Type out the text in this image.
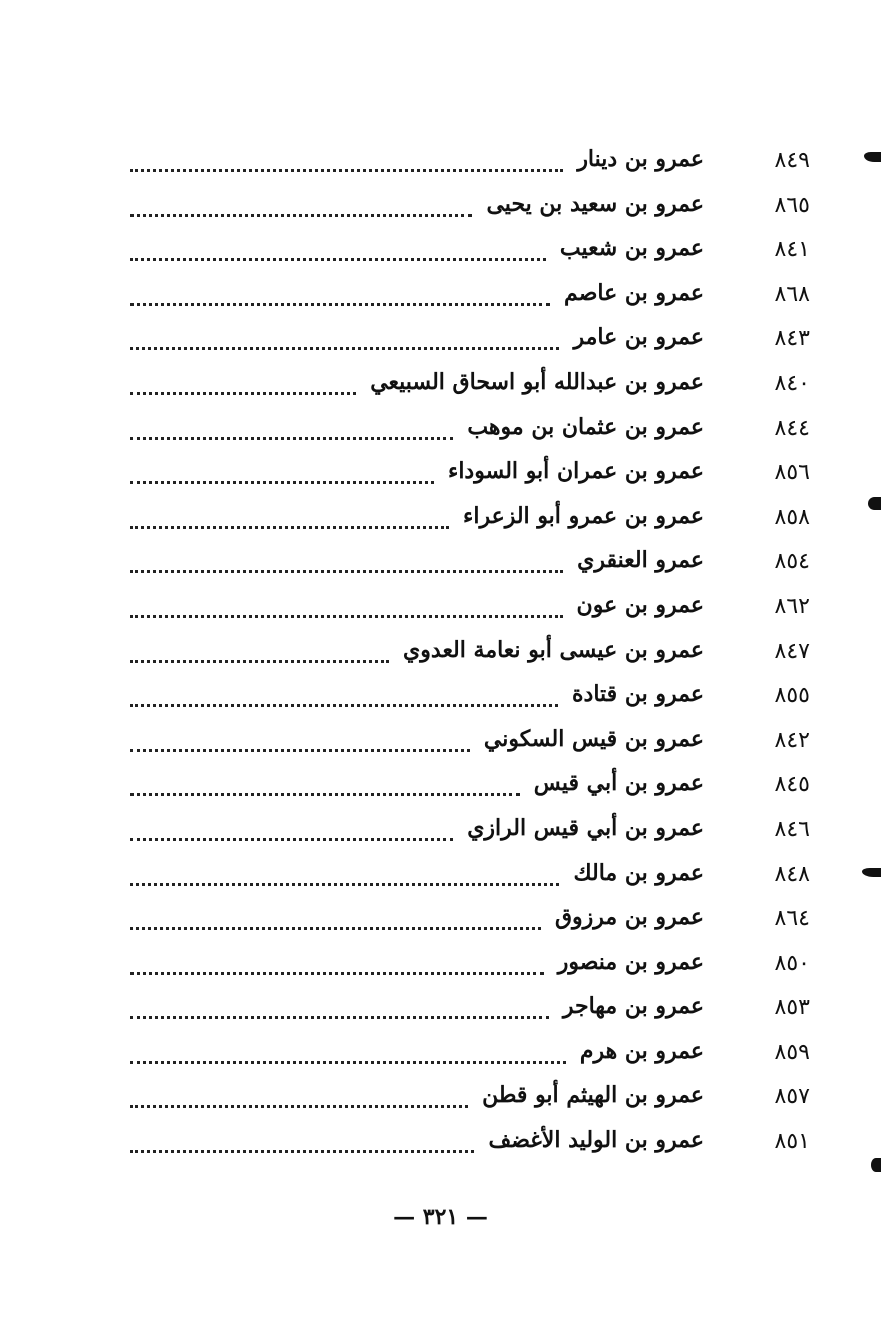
٨٤٩
عمرو بن دينار
٨٦٥
عمرو بن سعيد بن يحيى
٨٤١
عمرو بن شعيب
٨٦٨
عمرو بن عاصم
٨٤٣
عمرو بن عامر
٨٤٠
عمرو بن عبدالله أبو اسحاق السبيعي
٨٤٤
عمرو بن عثمان بن موهب
٨٥٦
عمرو بن عمران أبو السوداء
٨٥٨
عمرو بن عمرو أبو الزعراء
٨٥٤
عمرو العنقري
٨٦٢
عمرو بن عون
٨٤٧
عمرو بن عيسى أبو نعامة العدوي
٨٥٥
عمرو بن قتادة
٨٤٢
عمرو بن قيس السكوني
٨٤٥
عمرو بن أبي قيس
٨٤٦
عمرو بن أبي قيس الرازي
٨٤٨
عمرو بن مالك
٨٦٤
عمرو بن مرزوق
٨٥٠
عمرو بن منصور
٨٥٣
عمرو بن مهاجر
٨٥٩
عمرو بن هرم
٨٥٧
عمرو بن الهيثم أبو قطن
٨٥١
عمرو بن الوليد الأغضف
— ٣٢١ —
